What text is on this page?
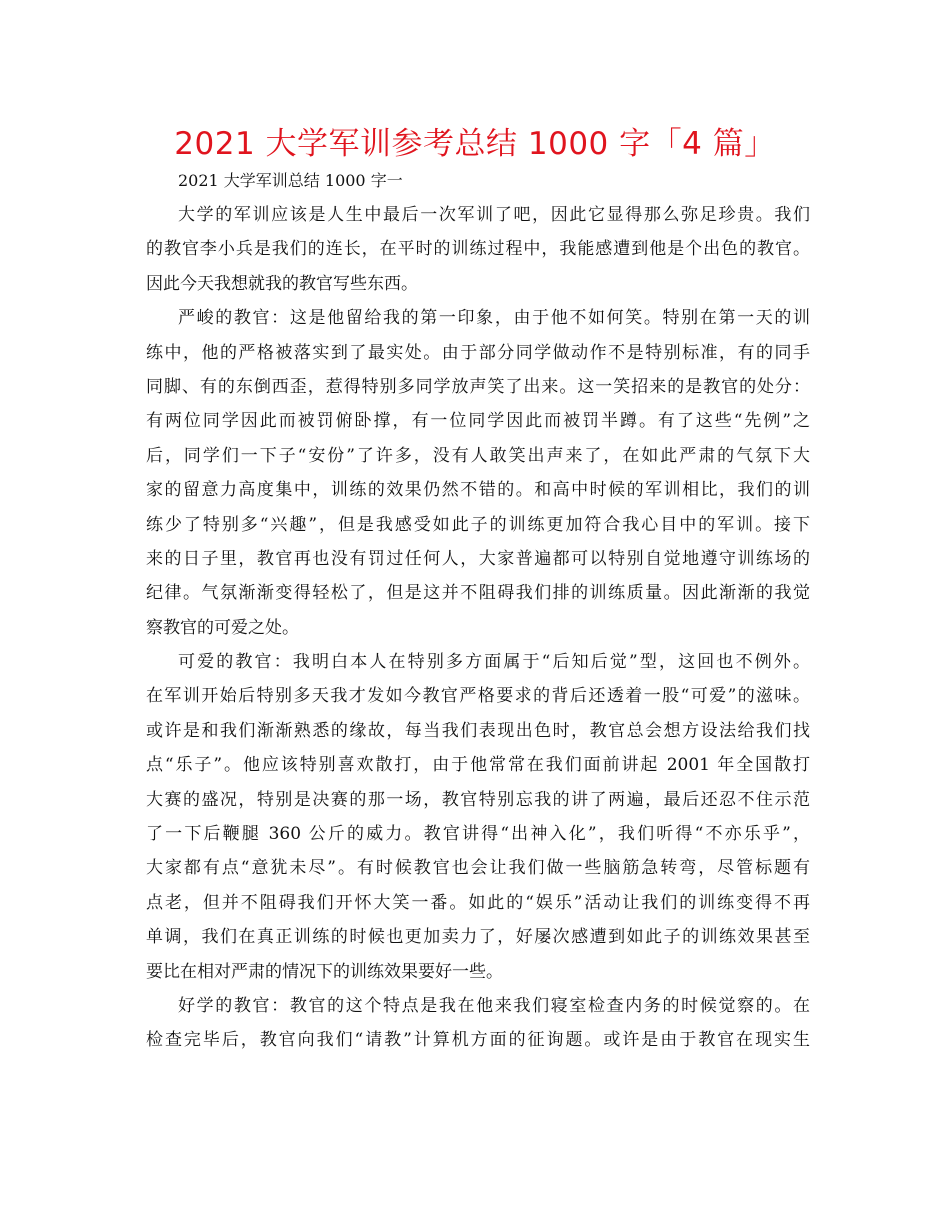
2021 大学军训参考总结 1000 字「4 篇」
2021 大学军训总结 1000 字一
大学的军训应该是人生中最后一次军训了吧，因此它显得那么弥足珍贵。我们
的教官李小兵是我们的连长，在平时的训练过程中，我能感遭到他是个出色的教官。
因此今天我想就我的教官写些东西。
严峻的教官：这是他留给我的第一印象，由于他不如何笑。特别在第一天的训
练中，他的严格被落实到了最实处。由于部分同学做动作不是特别标准，有的同手
同脚、有的东倒西歪，惹得特别多同学放声笑了出来。这一笑招来的是教官的处分：
有两位同学因此而被罚俯卧撑，有一位同学因此而被罚半蹲。有了这些“先例”之
后，同学们一下子“安份”了许多，没有人敢笑出声来了，在如此严肃的气氛下大
家的留意力高度集中，训练的效果仍然不错的。和高中时候的军训相比，我们的训
练少了特别多“兴趣”，但是我感受如此子的训练更加符合我心目中的军训。接下
来的日子里，教官再也没有罚过任何人，大家普遍都可以特别自觉地遵守训练场的
纪律。气氛渐渐变得轻松了，但是这并不阻碍我们排的训练质量。因此渐渐的我觉
察教官的可爱之处。
可爱的教官：我明白本人在特别多方面属于“后知后觉”型，这回也不例外。
在军训开始后特别多天我才发如今教官严格要求的背后还透着一股“可爱”的滋味。
或许是和我们渐渐熟悉的缘故，每当我们表现出色时，教官总会想方设法给我们找
点“乐子”。他应该特别喜欢散打，由于他常常在我们面前讲起 2001 年全国散打
大赛的盛况，特别是决赛的那一场，教官特别忘我的讲了两遍，最后还忍不住示范
了一下后鞭腿 360 公斤的威力。教官讲得“出神入化”，我们听得“不亦乐乎”，
大家都有点“意犹未尽”。有时候教官也会让我们做一些脑筋急转弯，尽管标题有
点老，但并不阻碍我们开怀大笑一番。如此的“娱乐”活动让我们的训练变得不再
单调，我们在真正训练的时候也更加卖力了，好屡次感遭到如此子的训练效果甚至
要比在相对严肃的情况下的训练效果要好一些。
好学的教官：教官的这个特点是我在他来我们寝室检查内务的时候觉察的。在
检查完毕后，教官向我们“请教”计算机方面的征询题。或许是由于教官在现实生
